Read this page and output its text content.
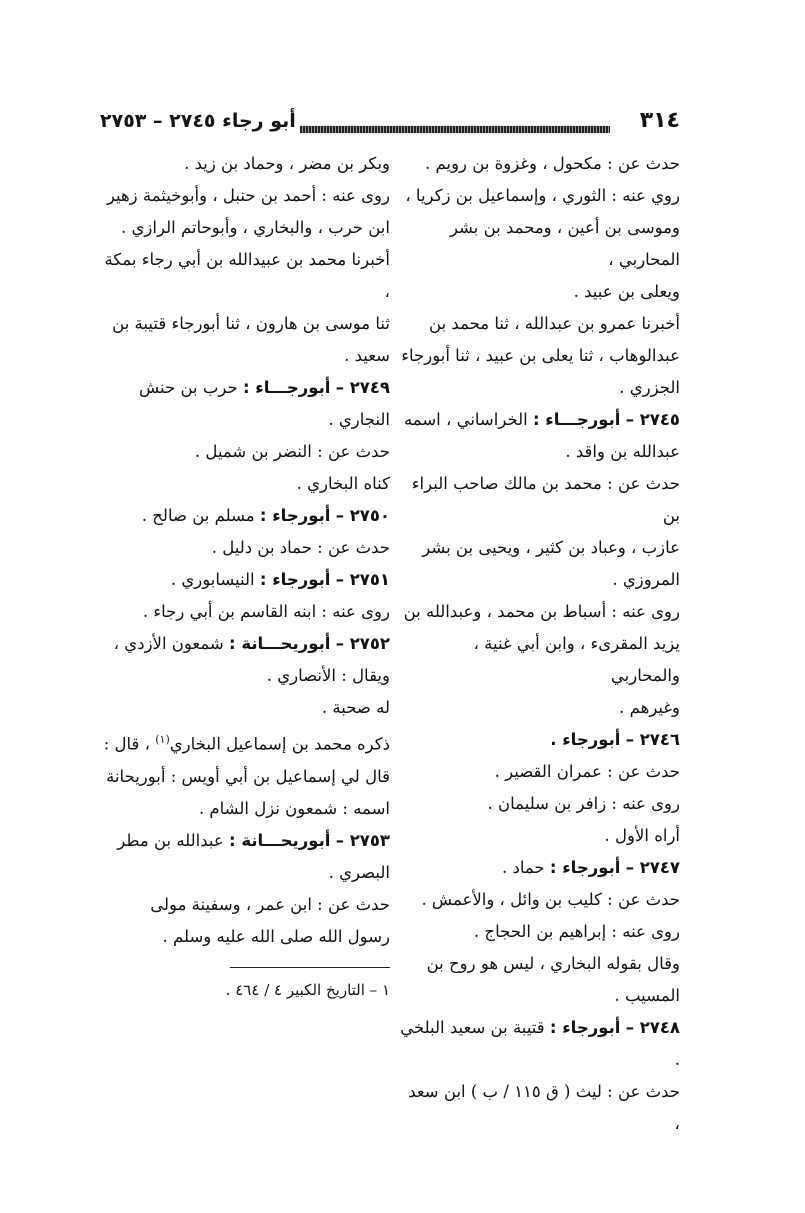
٣١٤
أبو رجاء ٢٧٤٥ – ٢٧٥٣

حدث عن : مكحول ، وغزوة بن رويم .

روي عنه : الثوري ، وإسماعيل بن زكريا ،

وموسى بن أعين ، ومحمد بن بشر المحاربي ،

ويعلى بن عبيد .

أخبرنا عمرو بن عبدالله ، ثنا محمد بن

عبدالوهاب ، ثنا يعلى بن عبيد ، ثنا أبورجاء

الجزري .

٢٧٤٥ – أبورجـــاء : الخراساني ، اسمه

عبدالله بن واقد .

حدث عن : محمد بن مالك صاحب البراء بن

عازب ، وعباد بن كثير ، ويحيى بن بشر

المروزي .

روى عنه : أسباط بن محمد ، وعبدالله بن

يزيد المقرىء ، وابن أبي غنية ، والمحاربي

وغيرهم .

٢٧٤٦ – أبورجاء .

حدث عن : عمران القصير .

روى عنه : زافر بن سليمان .

أراه الأول .

٢٧٤٧ – أبورجاء : حماد .

حدث عن : كليب بن وائل ، والأعمش .

روى عنه : إبراهيم بن الحجاج .

وقال بقوله البخاري ، ليس هو روح بن

المسيب .

٢٧٤٨ – أبورجاء : قتيبة بن سعيد البلخي .

حدث عن : ليث ( ق ١١٥ / ب ) ابن سعد ،

وبكر بن مضر ، وحماد بن زيد .

روى عنه : أحمد بن حنبل ، وأبوخيثمة زهير

ابن حرب ، والبخاري ، وأبوحاتم الرازي .

أخبرنا محمد بن عبيدالله بن أبي رجاء بمكة ،

ثنا موسى بن هارون ، ثنا أبورجاء قتيبة بن

سعيد .

٢٧٤٩ – أبورجـــاء : حرب بن حنش

النجاري .

حدث عن : النضر بن شميل .

كناه البخاري .

٢٧٥٠ – أبورجاء : مسلم بن صالح .

حدث عن : حماد بن دليل .

٢٧٥١ – أبورجاء : النيسابوري .

روى عنه : ابنه القاسم بن أبي رجاء .

٢٧٥٢ – أبوريحـــانة : شمعون الأزدي ،

ويقال : الأنصاري .

له صحبة .

ذكره محمد بن إسماعيل البخاري$^{(١)}$ ، قال :

قال لي إسماعيل بن أبي أويس : أبوريحانة

اسمه : شمعون نزل الشام .

٢٧٥٣ – أبوريحـــانة : عبدالله بن مطر

البصري .

حدث عن : ابن عمر ، وسفينة مولى

رسول الله صلى الله عليه وسلم .

١ – التاريخ الكبير ٤ / ٤٦٤ .
